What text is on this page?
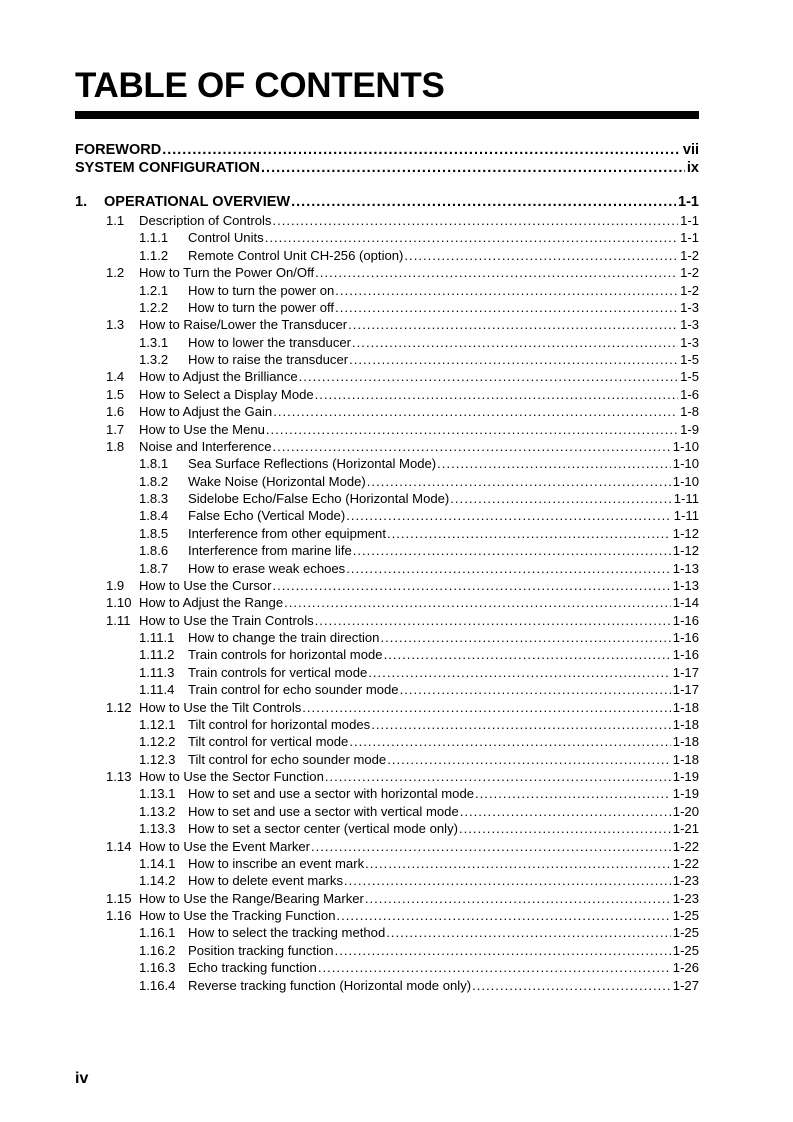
TABLE OF CONTENTS
FOREWORD .....	vii
SYSTEM CONFIGURATION .....	ix
1.	OPERATIONAL OVERVIEW .....	1-1
1.1	Description of Controls .....	1-1
1.1.1	Control Units .....	1-1
1.1.2	Remote Control Unit CH-256 (option) .....	1-2
1.2	How to Turn the Power On/Off .....	1-2
1.2.1	How to turn the power on .....	1-2
1.2.2	How to turn the power off .....	1-3
1.3	How to Raise/Lower the Transducer .....	1-3
1.3.1	How to lower the transducer .....	1-3
1.3.2	How to raise the transducer .....	1-5
1.4	How to Adjust the Brilliance .....	1-5
1.5	How to Select a Display Mode .....	1-6
1.6	How to Adjust the Gain .....	1-8
1.7	How to Use the Menu .....	1-9
1.8	Noise and Interference .....	1-10
1.8.1	Sea Surface Reflections (Horizontal Mode) .....	1-10
1.8.2	Wake Noise (Horizontal Mode) .....	1-10
1.8.3	Sidelobe Echo/False Echo (Horizontal Mode) .....	1-11
1.8.4	False Echo (Vertical Mode) .....	1-11
1.8.5	Interference from other equipment .....	1-12
1.8.6	Interference from marine life .....	1-12
1.8.7	How to erase weak echoes .....	1-13
1.9	How to Use the Cursor .....	1-13
1.10 How to Adjust the Range .....	1-14
1.11 How to Use the Train Controls .....	1-16
1.11.1	How to change the train direction .....	1-16
1.11.2	Train controls for horizontal mode .....	1-16
1.11.3	Train controls for vertical mode .....	1-17
1.11.4	Train control for echo sounder mode .....	1-17
1.12 How to Use the Tilt Controls .....	1-18
1.12.1 Tilt control for horizontal modes .....	1-18
1.12.2 Tilt control for vertical mode .....	1-18
1.12.3 Tilt control for echo sounder mode .....	1-18
1.13 How to Use the Sector Function .....	1-19
1.13.1 How to set and use a sector with horizontal mode .....	1-19
1.13.2 How to set and use a sector with vertical mode .....	1-20
1.13.3 How to set a sector center (vertical mode only) .....	1-21
1.14 How to Use the Event Marker .....	1-22
1.14.1 How to inscribe an event mark .....	1-22
1.14.2 How to delete event marks .....	1-23
1.15 How to Use the Range/Bearing Marker .....	1-23
1.16 How to Use the Tracking Function .....	1-25
1.16.1 How to select the tracking method .....	1-25
1.16.2 Position tracking function .....	1-25
1.16.3 Echo tracking function .....	1-26
1.16.4 Reverse tracking function (Horizontal mode only) .....	1-27
iv
